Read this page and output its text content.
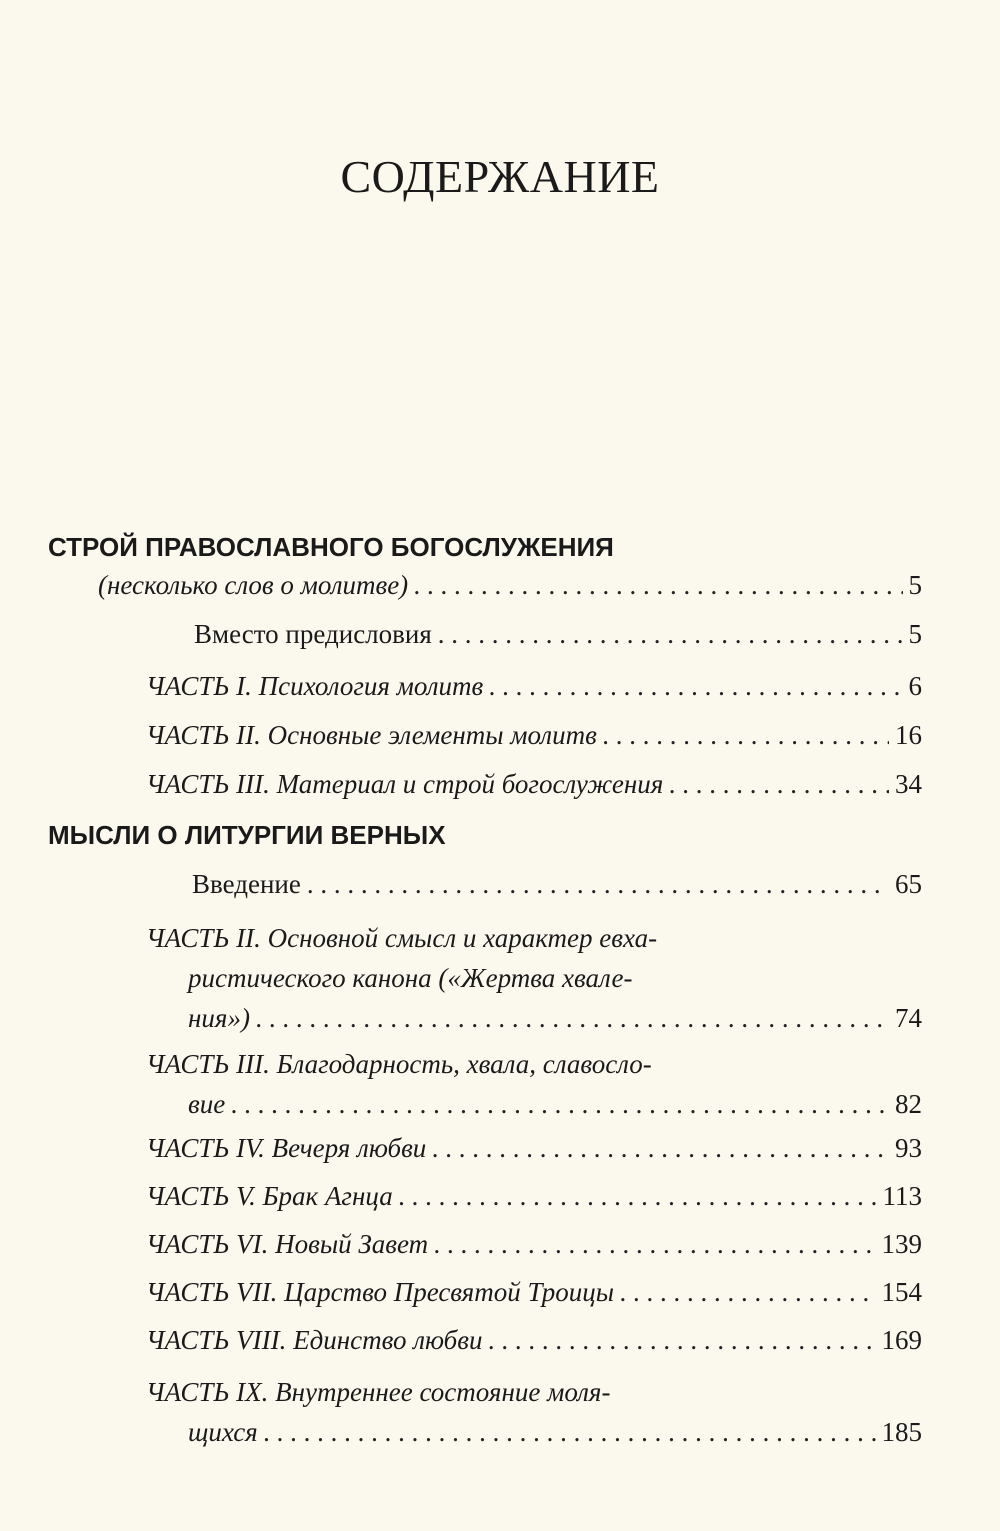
СОДЕРЖАНИЕ
СТРОЙ ПРАВОСЛАВНОГО БОГОСЛУЖЕНИЯ
(несколько слов о молитве) . . .	5
Вместо предисловия . . .	5
ЧАСТЬ I. Психология молитв . . .	6
ЧАСТЬ II. Основные элементы молитв . . .	16
ЧАСТЬ III. Материал и строй богослужения . . .	34
МЫСЛИ О ЛИТУРГИИ ВЕРНЫХ
Введение . . .	65
ЧАСТЬ II. Основной смысл и характер евха-
ристического канона («Жертва хвале-
ния») . . .	74
ЧАСТЬ III. Благодарность, хвала, славосло-
вие . . .	82
ЧАСТЬ IV. Вечеря любви . . .	93
ЧАСТЬ V. Брак Агнца . . .	113
ЧАСТЬ VI. Новый Завет . . .	139
ЧАСТЬ VII. Царство Пресвятой Троицы . . .	154
ЧАСТЬ VIII. Единство любви . . .	169
ЧАСТЬ IX. Внутреннее состояние моля-
щихся . . .	185
